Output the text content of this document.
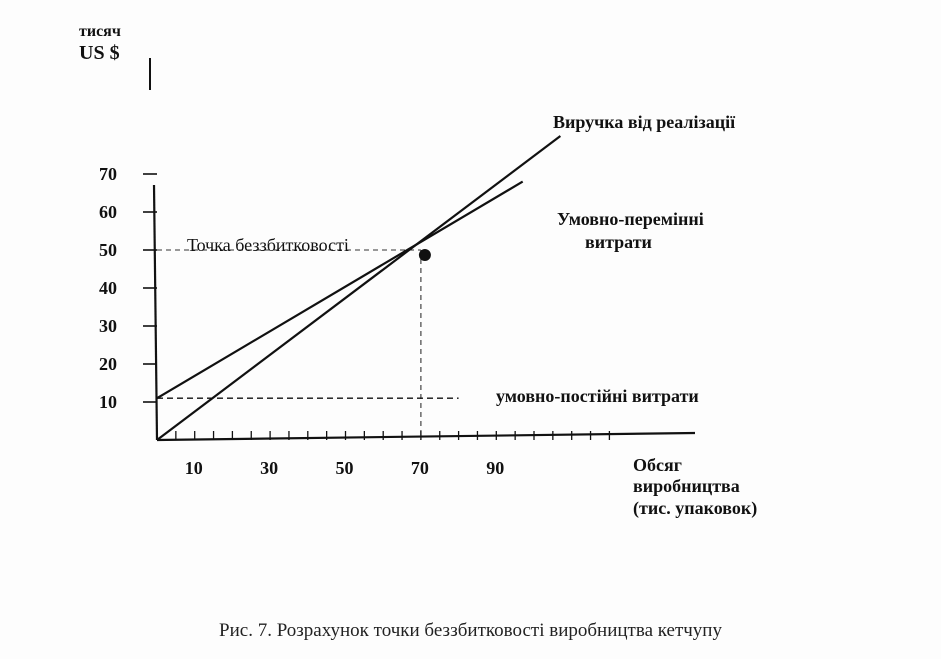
10
20
30
40
50
60
70
10	30	50	70	90
тисяч
US $
Обсяг
виробництва
(тис. упаковок)
Виручка від реалізації
Умовно-перемінні
витрати
умовно-постійні витрати
Точка беззбитковості
Рис. 7. Розрахунок точки беззбитковості виробництва кетчупу
